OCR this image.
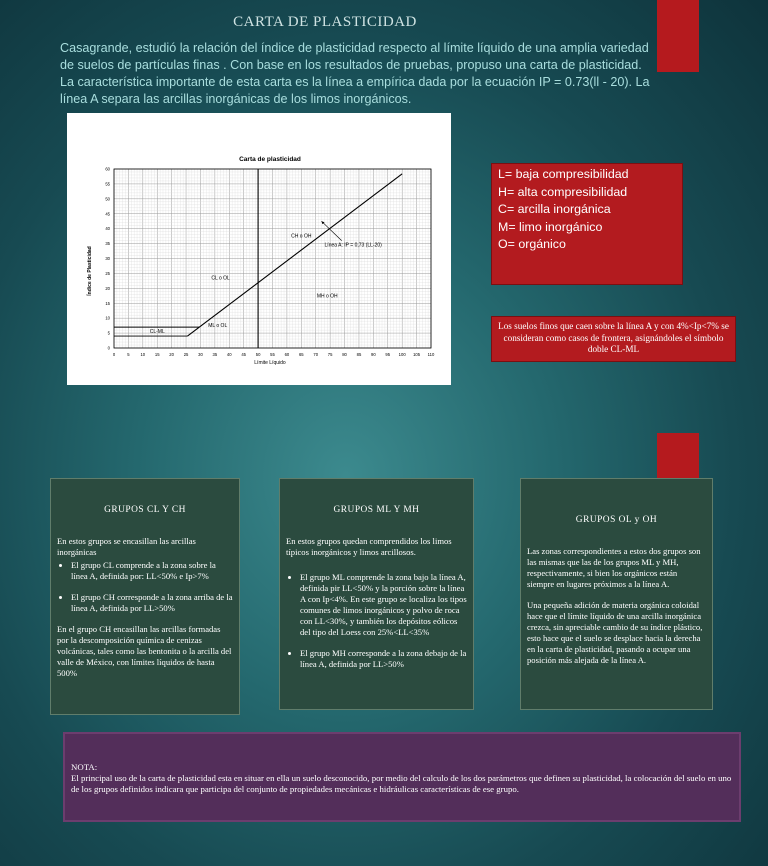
CARTA DE PLASTICIDAD
Casagrande, estudió la relación del índice de plasticidad respecto al límite líquido de una amplia variedad de suelos de partículas finas . Con base en los resultados de pruebas, propuso una carta de plasticidad. La característica importante de esta carta es la línea a empírica dada por la ecuación IP = 0.73(ll - 20). La línea A separa las arcillas inorgánicas de los limos inorgánicos.
Carta de plasticidad
0	5	10 15 20 25 30 35 40 45 50 55 60 65 70 75 80 85 90 95 100 105 110
0
5
10
15
20
25
30
35
40
45
50
55
60
CH o OH
Línea A: IP = 0,73 (LL-20)
CL o OL
MH o OH
ML o OL
CL-ML
Límite Líquido
Índice de Plasticidad
L= baja compresibilidad
H= alta compresibilidad
C= arcilla inorgánica
M= limo inorgánico
O= orgánico
Los suelos finos que caen sobre la línea A y con 4%<Ip<7% se consideran como casos de frontera, asignándoles el símbolo doble CL-ML
GRUPOS CL Y CH

En estos grupos se encasillan las arcillas inorgánicas

• El grupo CL comprende a la zona sobre la línea A, definida por: LL<50% e Ip>7%
• El grupo CH corresponde a la zona arriba de la línea A, definida por LL>50%

En el grupo CH encasillan las arcillas formadas por la descomposición química de cenizas volcánicas, tales como las bentonita o la arcilla del valle de México, con límites líquidos de hasta 500%

GRUPOS ML Y MH

En estos grupos quedan comprendidos los limos típicos inorgánicos y limos arcillosos.

• El grupo ML comprende la zona bajo la línea A, definida pir LL<50% y la porción sobre la línea A con Ip<4%. En este grupo se localiza los tipos comunes de limos inorgánicos y polvo de roca con LL<30%, y también los depósitos eólicos del tipo del Loess con 25%<LL<35%
• El grupo MH corresponde a la zona debajo de la línea A, definida por LL>50%
GRUPOS OL y OH

Las zonas correspondientes a estos dos grupos son las mismas que las de los grupos ML y MH, respectivamente, si bien los orgánicos están siempre en lugares próximos a la línea A.

Una pequeña adición de materia orgánica coloidal hace que el límite líquido de una arcilla inorgánica crezca, sin apreciable cambio de su índice plástico, esto hace que el suelo se desplace hacia la derecha en la carta de plasticidad, pasando a ocupar una posición más alejada de la línea A.

NOTA:
El principal uso de la carta de plasticidad esta en situar en ella un suelo desconocido, por medio del calculo de los dos parámetros que definen su plasticidad, la colocación del suelo en uno de los grupos definidos indicara que participa del conjunto de propiedades mecánicas e hidráulicas características de ese grupo.
